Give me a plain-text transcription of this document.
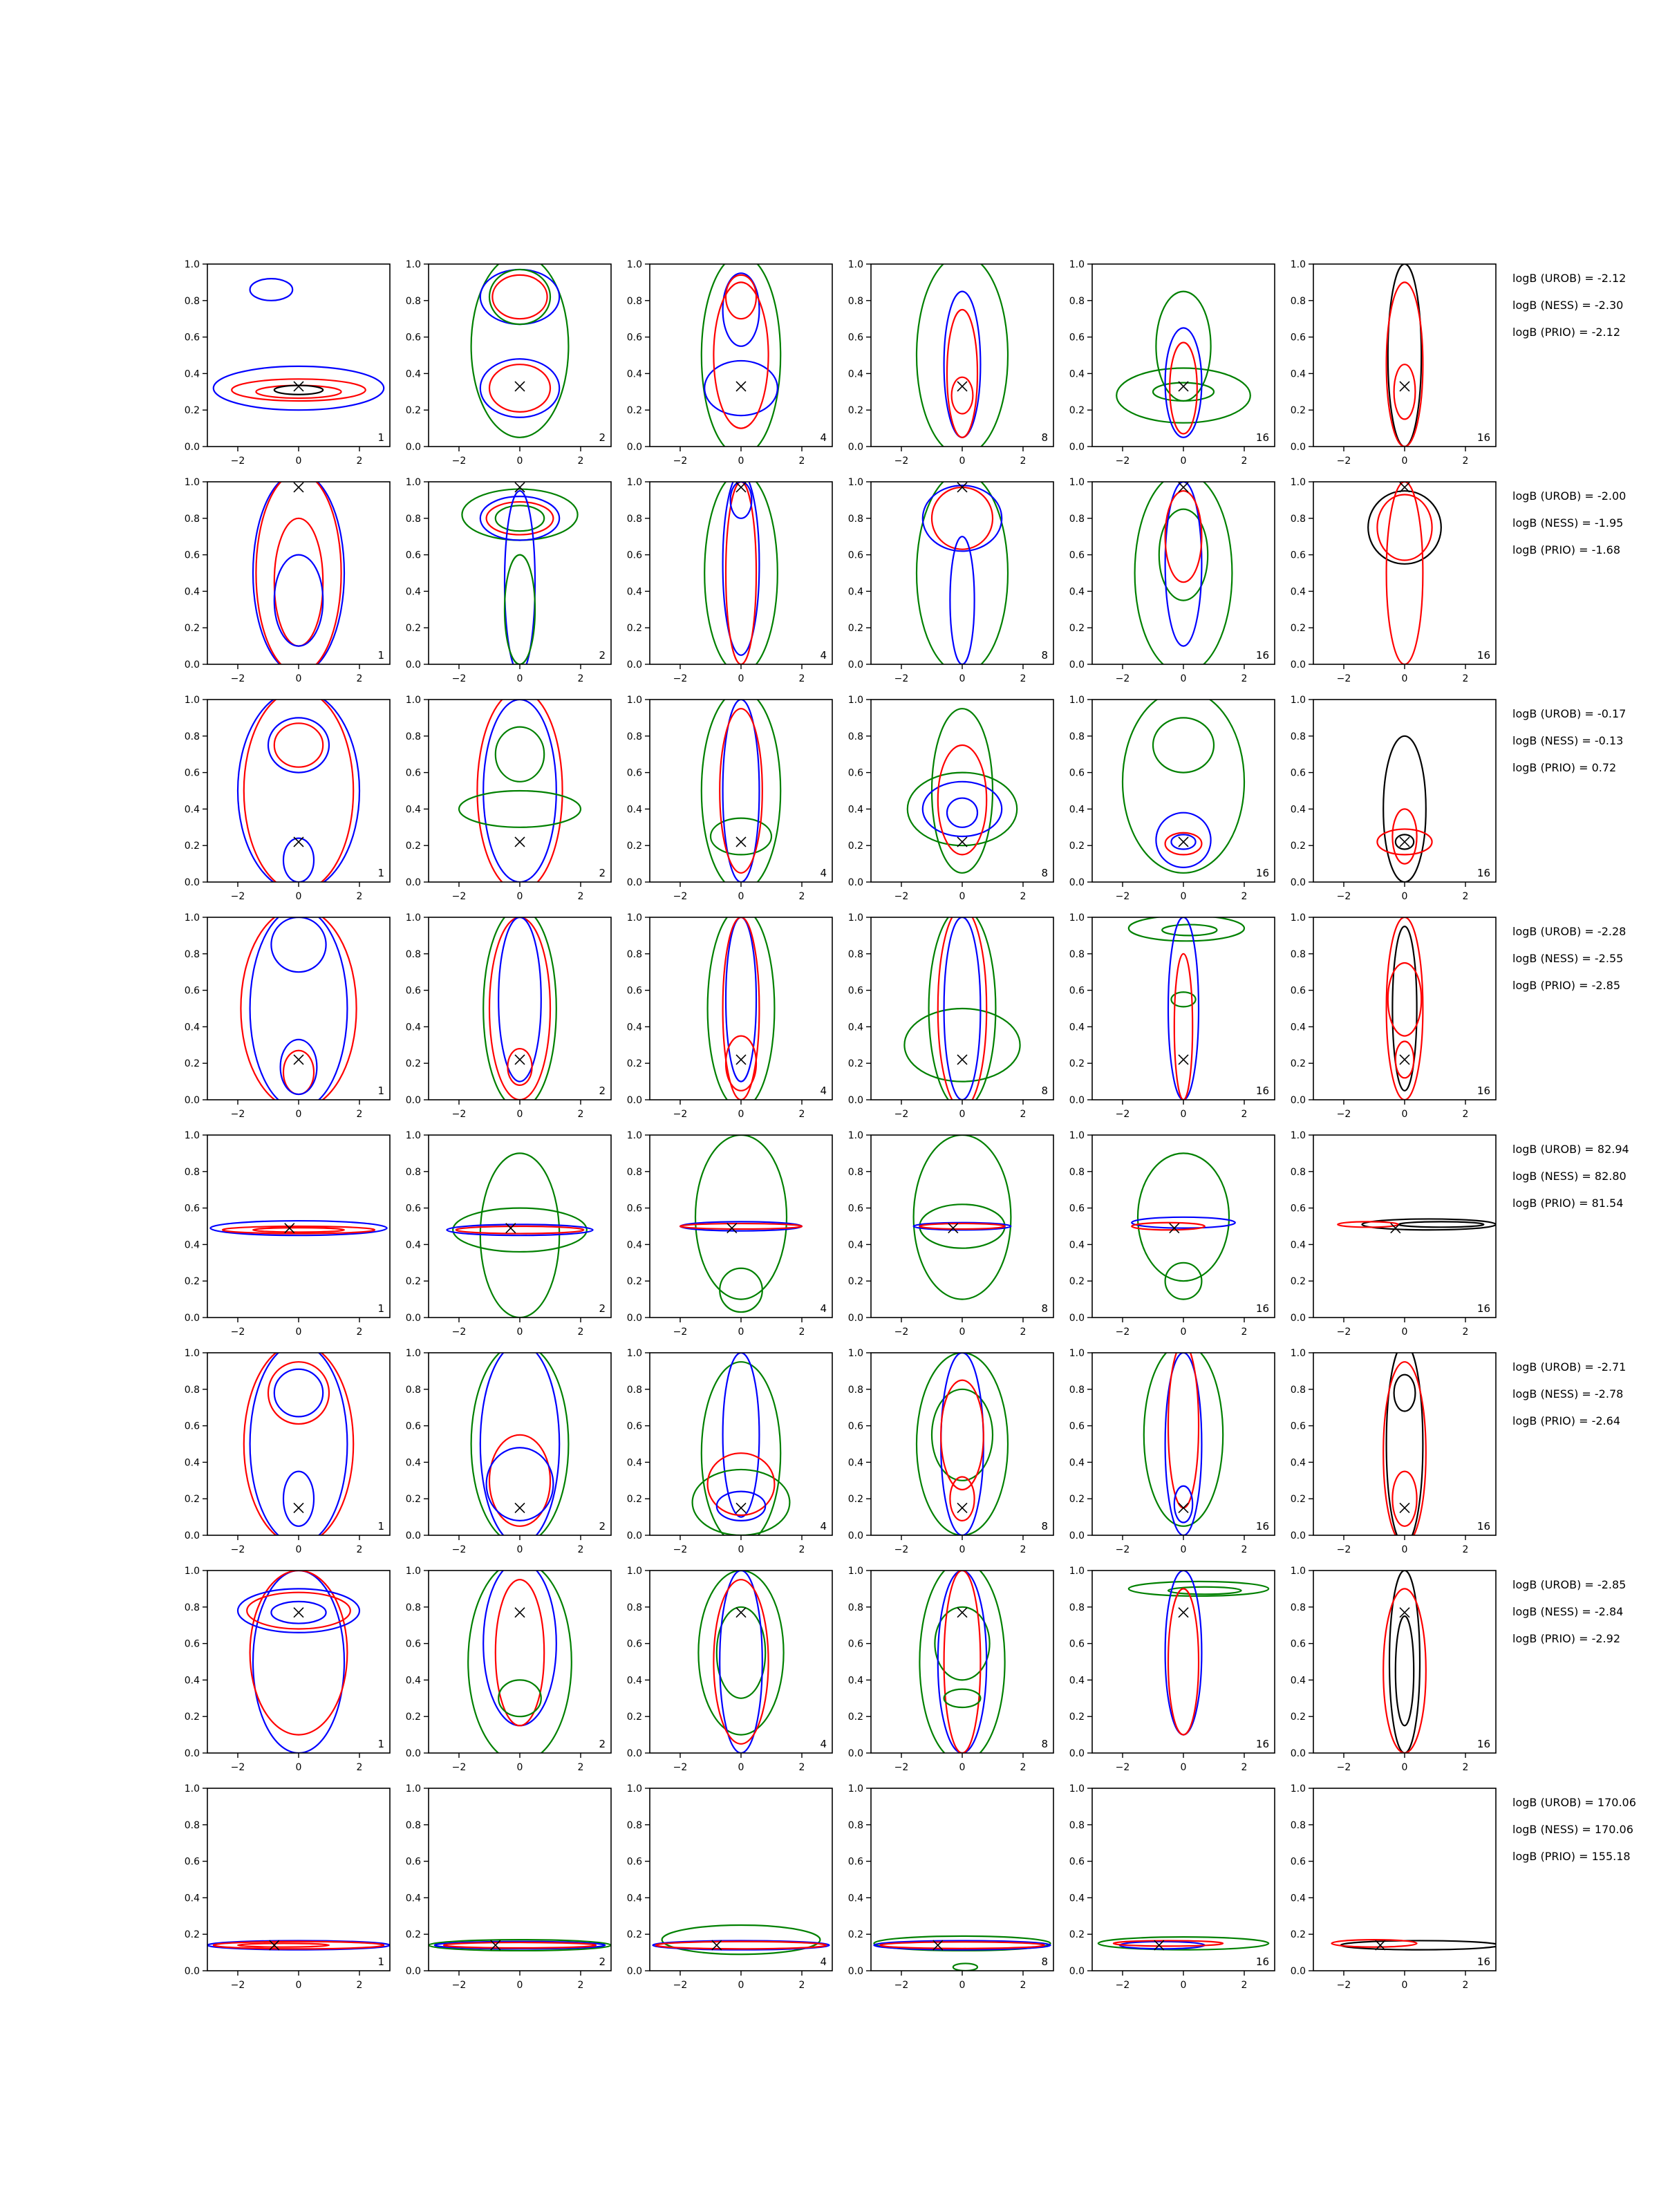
0.0
0.2
0.4
0.6
0.8
1.0
−2	0	2
1
0.0
0.2
0.4
0.6
0.8
1.0
−2	0	2
2
0.0
0.2
0.4
0.6
0.8
1.0
−2	0	2
4
0.0
0.2
0.4
0.6
0.8
1.0
−2	0	2
8
0.0
0.2
0.4
0.6
0.8
1.0
−2	0	2
16
0.0
0.2
0.4
0.6
0.8
1.0
−2	0	2
16
0.0
0.2
0.4
0.6
0.8
1.0
−2	0	2
1
0.0
0.2
0.4
0.6
0.8
1.0
−2	0	2
2
0.0
0.2
0.4
0.6
0.8
1.0
−2	0	2
4
0.0
0.2
0.4
0.6
0.8
1.0
−2	0	2
8
0.0
0.2
0.4
0.6
0.8
1.0
−2	0	2
16
0.0
0.2
0.4
0.6
0.8
1.0
−2	0	2
16
0.0
0.2
0.4
0.6
0.8
1.0
−2	0	2
1
0.0
0.2
0.4
0.6
0.8
1.0
−2	0	2
2
0.0
0.2
0.4
0.6
0.8
1.0
−2	0	2
4
0.0
0.2
0.4
0.6
0.8
1.0
−2	0	2
8
0.0
0.2
0.4
0.6
0.8
1.0
−2	0	2
16
0.0
0.2
0.4
0.6
0.8
1.0
−2	0	2
16
0.0
0.2
0.4
0.6
0.8
1.0
−2	0	2
1
0.0
0.2
0.4
0.6
0.8
1.0
−2	0	2
2
0.0
0.2
0.4
0.6
0.8
1.0
−2	0	2
4
0.0
0.2
0.4
0.6
0.8
1.0
−2	0	2
8
0.0
0.2
0.4
0.6
0.8
1.0
−2	0	2
16
0.0
0.2
0.4
0.6
0.8
1.0
−2	0	2
16
0.0
0.2
0.4
0.6
0.8
1.0
−2	0	2
1
0.0
0.2
0.4
0.6
0.8
1.0
−2	0	2
2
0.0
0.2
0.4
0.6
0.8
1.0
−2	0	2
4
0.0
0.2
0.4
0.6
0.8
1.0
−2	0	2
8
0.0
0.2
0.4
0.6
0.8
1.0
−2	0	2
16
0.0
0.2
0.4
0.6
0.8
1.0
−2	0	2
16
0.0
0.2
0.4
0.6
0.8
1.0
−2	0	2
1
0.0
0.2
0.4
0.6
0.8
1.0
−2	0	2
2
0.0
0.2
0.4
0.6
0.8
1.0
−2	0	2
4
0.0
0.2
0.4
0.6
0.8
1.0
−2	0	2
8
0.0
0.2
0.4
0.6
0.8
1.0
−2	0	2
16
0.0
0.2
0.4
0.6
0.8
1.0
−2	0	2
16
0.0
0.2
0.4
0.6
0.8
1.0
−2	0	2
1
0.0
0.2
0.4
0.6
0.8
1.0
−2	0	2
2
0.0
0.2
0.4
0.6
0.8
1.0
−2	0	2
4
0.0
0.2
0.4
0.6
0.8
1.0
−2	0	2
8
0.0
0.2
0.4
0.6
0.8
1.0
−2	0	2
16
0.0
0.2
0.4
0.6
0.8
1.0
−2	0	2
16
0.0
0.2
0.4
0.6
0.8
1.0
−2	0	2
1
0.0
0.2
0.4
0.6
0.8
1.0
−2	0	2
2
0.0
0.2
0.4
0.6
0.8
1.0
−2	0	2
4
0.0
0.2
0.4
0.6
0.8
1.0
−2	0	2
8
0.0
0.2
0.4
0.6
0.8
1.0
−2	0	2
16
0.0
0.2
0.4
0.6
0.8
1.0
−2	0	2
16
logB (UROB) = -2.12
logB (NESS) = -2.30
logB (PRIO) = -2.12
logB (UROB) = -2.00
logB (NESS) = -1.95
logB (PRIO) = -1.68
logB (UROB) = -0.17
logB (NESS) = -0.13
logB (PRIO) = 0.72
logB (UROB) = -2.28
logB (NESS) = -2.55
logB (PRIO) = -2.85
logB (UROB) = 82.94
logB (NESS) = 82.80
logB (PRIO) = 81.54
logB (UROB) = -2.71
logB (NESS) = -2.78
logB (PRIO) = -2.64
logB (UROB) = -2.85
logB (NESS) = -2.84
logB (PRIO) = -2.92
logB (UROB) = 170.06
logB (NESS) = 170.06
logB (PRIO) = 155.18
